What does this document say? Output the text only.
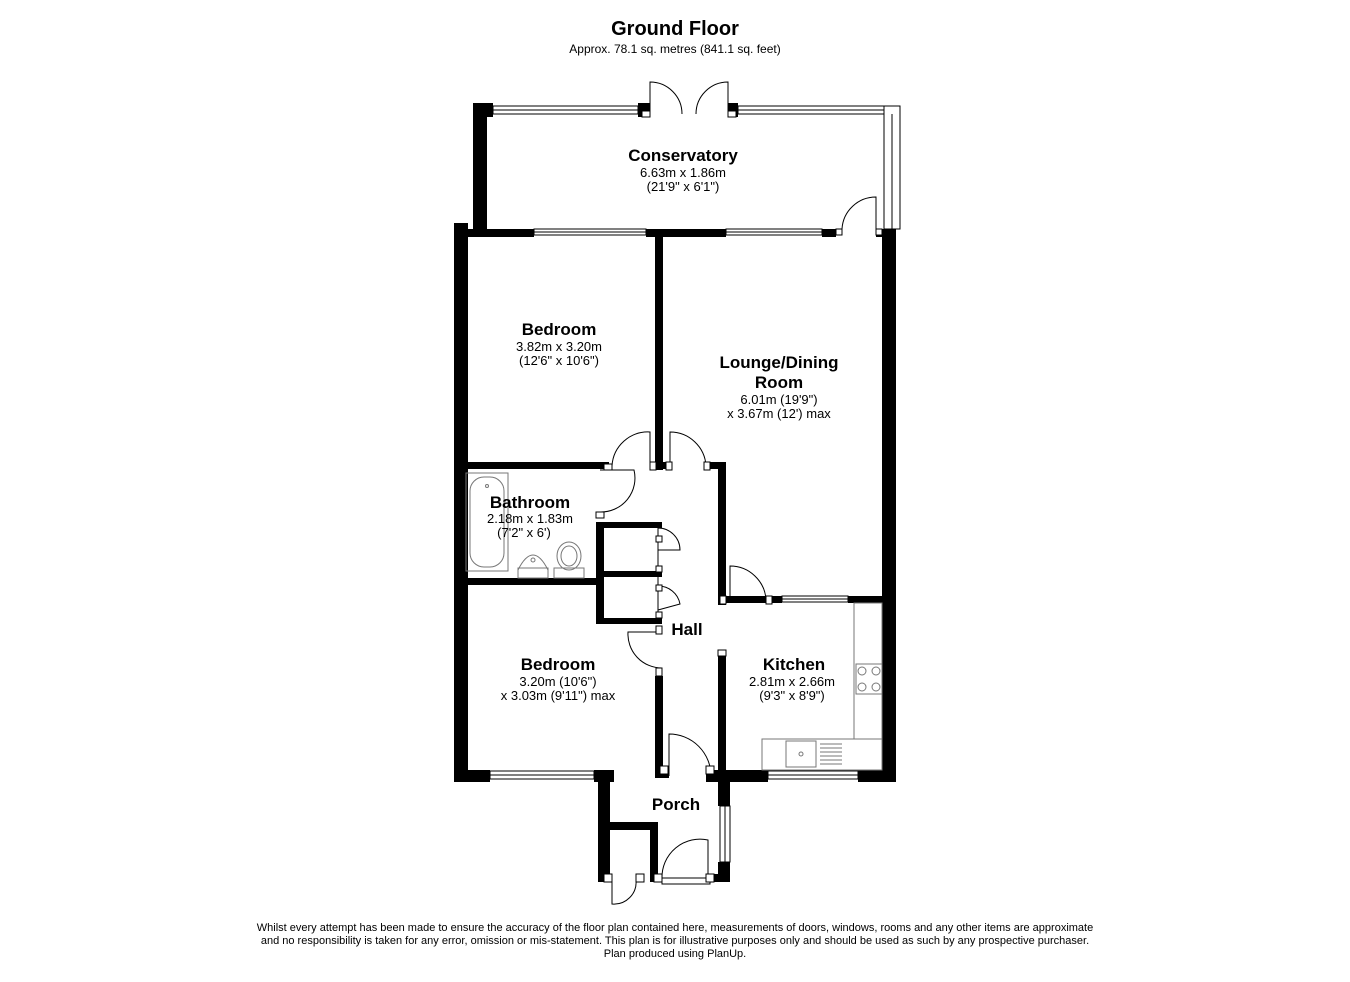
Ground Floor
Approx. 78.1 sq. metres (841.1 sq. feet)
Conservatory
6.63m x 1.86m
(21'9" x 6'1")
Bedroom
3.82m x 3.20m
(12'6" x 10'6")	Lounge/Dining
Room
6.01m (19'9")
x 3.67m (12') max
Bathroom
2.18m x 1.83m
(7'2" x 6')
Hall
Bedroom
3.20m (10'6")
x 3.03m (9'11") max
Kitchen
2.81m x 2.66m
(9'3" x 8'9")
Porch
Whilst every attempt has been made to ensure the accuracy of the floor plan contained here, measurements of doors, windows, rooms and any other items are approximate and no responsibility is taken for any error, omission or mis-statement. This plan is for illustrative purposes only and should be used as such by any prospective purchaser.
Plan produced using PlanUp.
